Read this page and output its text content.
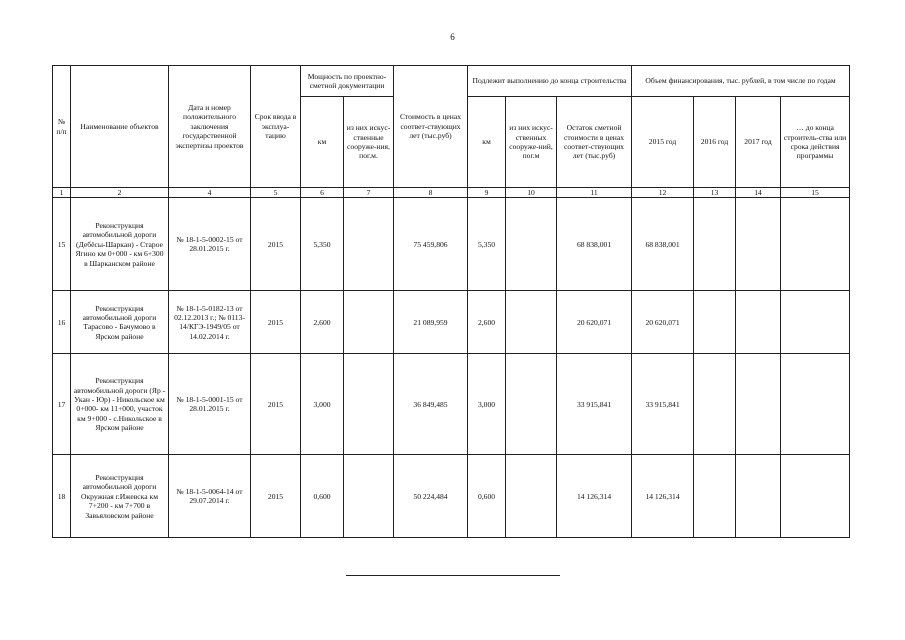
6
№ п/п	Наименование объектов	Дата и номер положительного заключения государственной экспертизы проектов	Срок ввода в эксплуа-тацию	Мощность по проектно-сметной документации		Стоимость в ценах соответ-ствующих лет (тыс.руб)	Подлежит выполнению до конца строительства			Объем финансирования, тыс. рублей, в том числе по годам			
				км	из них искус-ственные сооруже-ния, пог.м.		км	из них искус-ственных сооруже-ний, пог.м	Остаток сметной стоимости в ценах соответ-ствующих лет (тыс.руб)	2015 год	2016 год	2017 год	… до конца строитель-ства или срока действия программы
1	2	4	5	6	7	8	9	10	11	12	13	14	15
15	Реконструкция автомобильной дороги (Дебёсы-Шаркан) - Старое Ягино км 0+000 - км 6+300 в Шарканском районе	№ 18-1-5-0002-15 от 28.01.2015 г.	2015	5,350		75 459,806	5,350		68 838,001	68 838,001			
16	Реконструкция автомобильной дороги Тарасово - Бачумово в Ярском районе	№ 18-1-5-0182-13 от 02.12.2013 г.; № 0113-14/КГЭ-1949/05 от 14.02.2014 г.	2015	2,600		21 089,959	2,600		20 620,071	20 620,071			
17	Реконструкция автомобильной дороги (Яр - Укан - Юр) - Никольское км 0+000- км 11+000, участок км 9+000 - с.Никольское в Ярском районе	№ 18-1-5-0001-15 от 28.01.2015 г.	2015	3,000		36 849,485	3,000		33 915,841	33 915,841			
18	Реконструкция автомобильной дороги Окружная г.Ижевска км 7+200 - км 7+700 в Завьяловском районе	№ 18-1-5-0064-14 от 29.07.2014 г.	2015	0,600		50 224,484	0,600		14 126,314	14 126,314			
